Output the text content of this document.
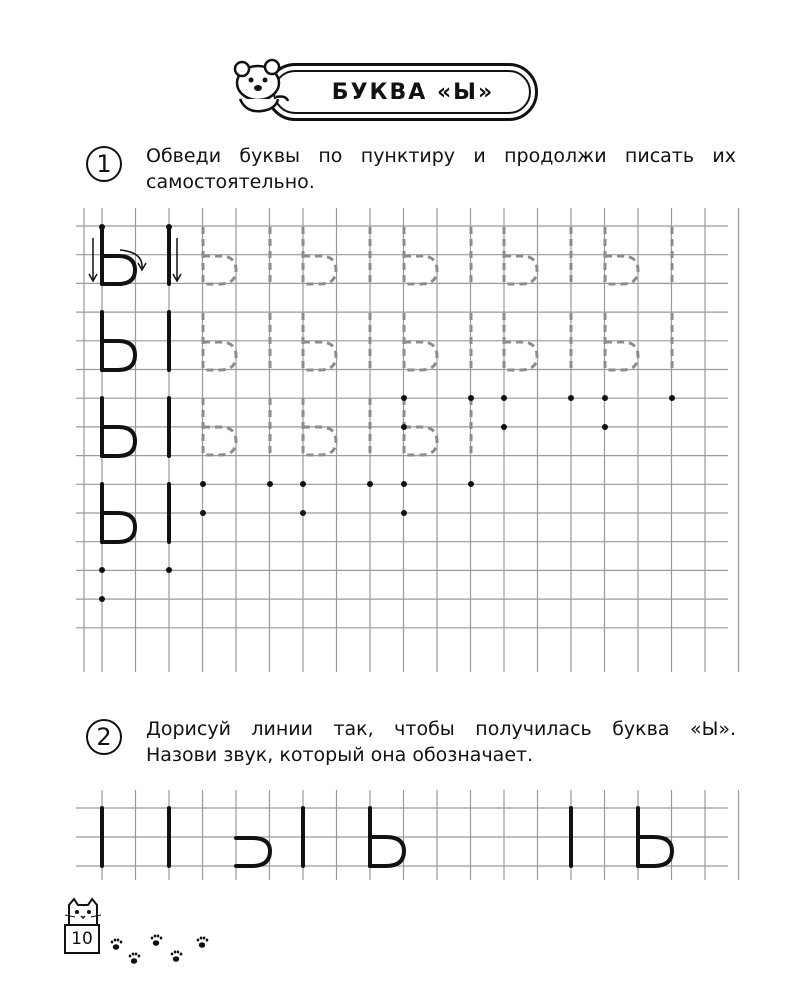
БУКВА «Ы»
1 Обведи буквы по пунктиру и продолжи писать их
самостоятельно.
2 Дорисуй линии так, чтобы получилась буква «Ы».
Назови звук, который она обозначает.
10
